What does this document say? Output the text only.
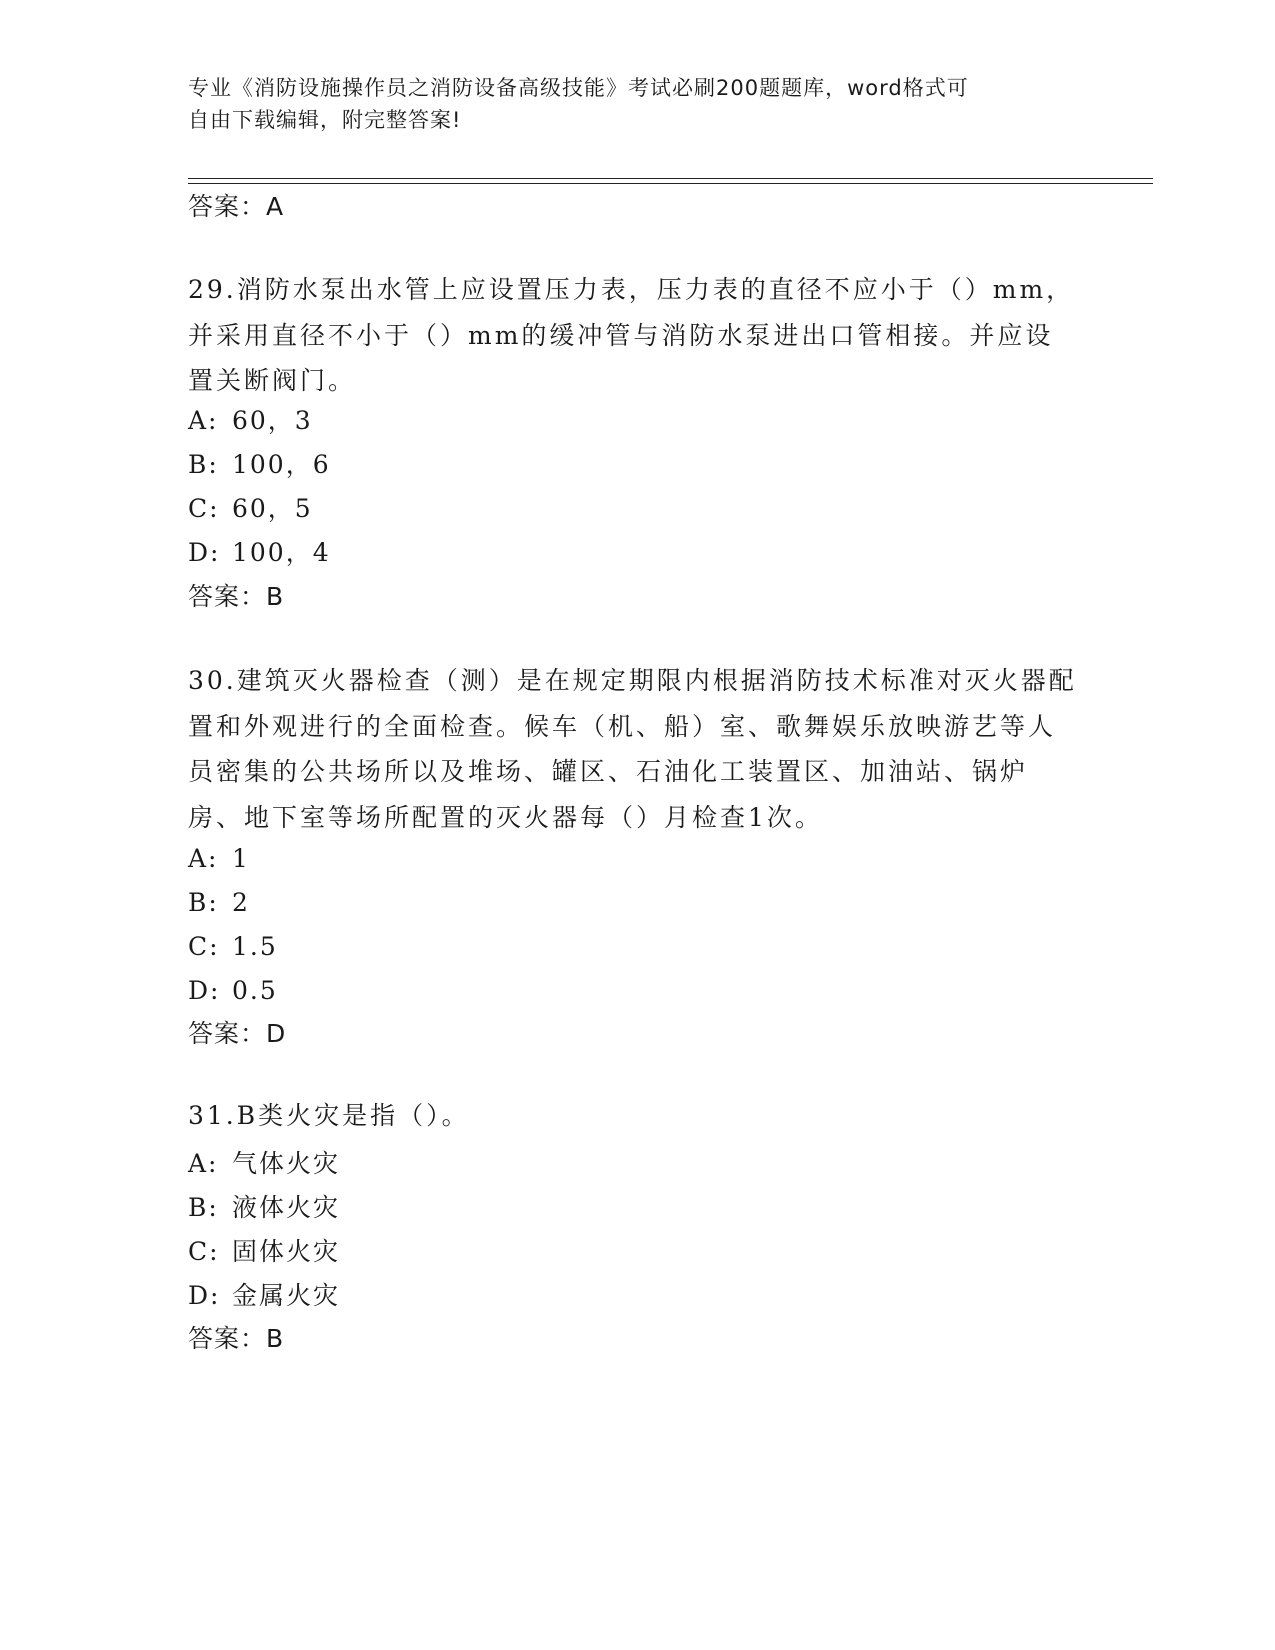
专业《消防设施操作员之消防设备高级技能》考试必刷200题题库，word格式可
自由下载编辑，附完整答案!
答案：A
29.消防水泵出水管上应设置压力表，压力表的直径不应小于（）mm，并采用直径不小于（）mm的缓冲管与消防水泵进出口管相接。并应设置关断阀门。
A: 60，3
B: 100，6
C: 60，5
D: 100，4
答案：B
30.建筑灭火器检查（测）是在规定期限内根据消防技术标准对灭火器配置和外观进行的全面检查。候车（机、船）室、歌舞娱乐放映游艺等人员密集的公共场所以及堆场、罐区、石油化工装置区、加油站、锅炉房、地下室等场所配置的灭火器每（）月检查1次。
A: 1
B: 2
C: 1.5
D: 0.5
答案：D
31.B类火灾是指（）。
A: 气体火灾
B: 液体火灾
C: 固体火灾
D: 金属火灾
答案：B
